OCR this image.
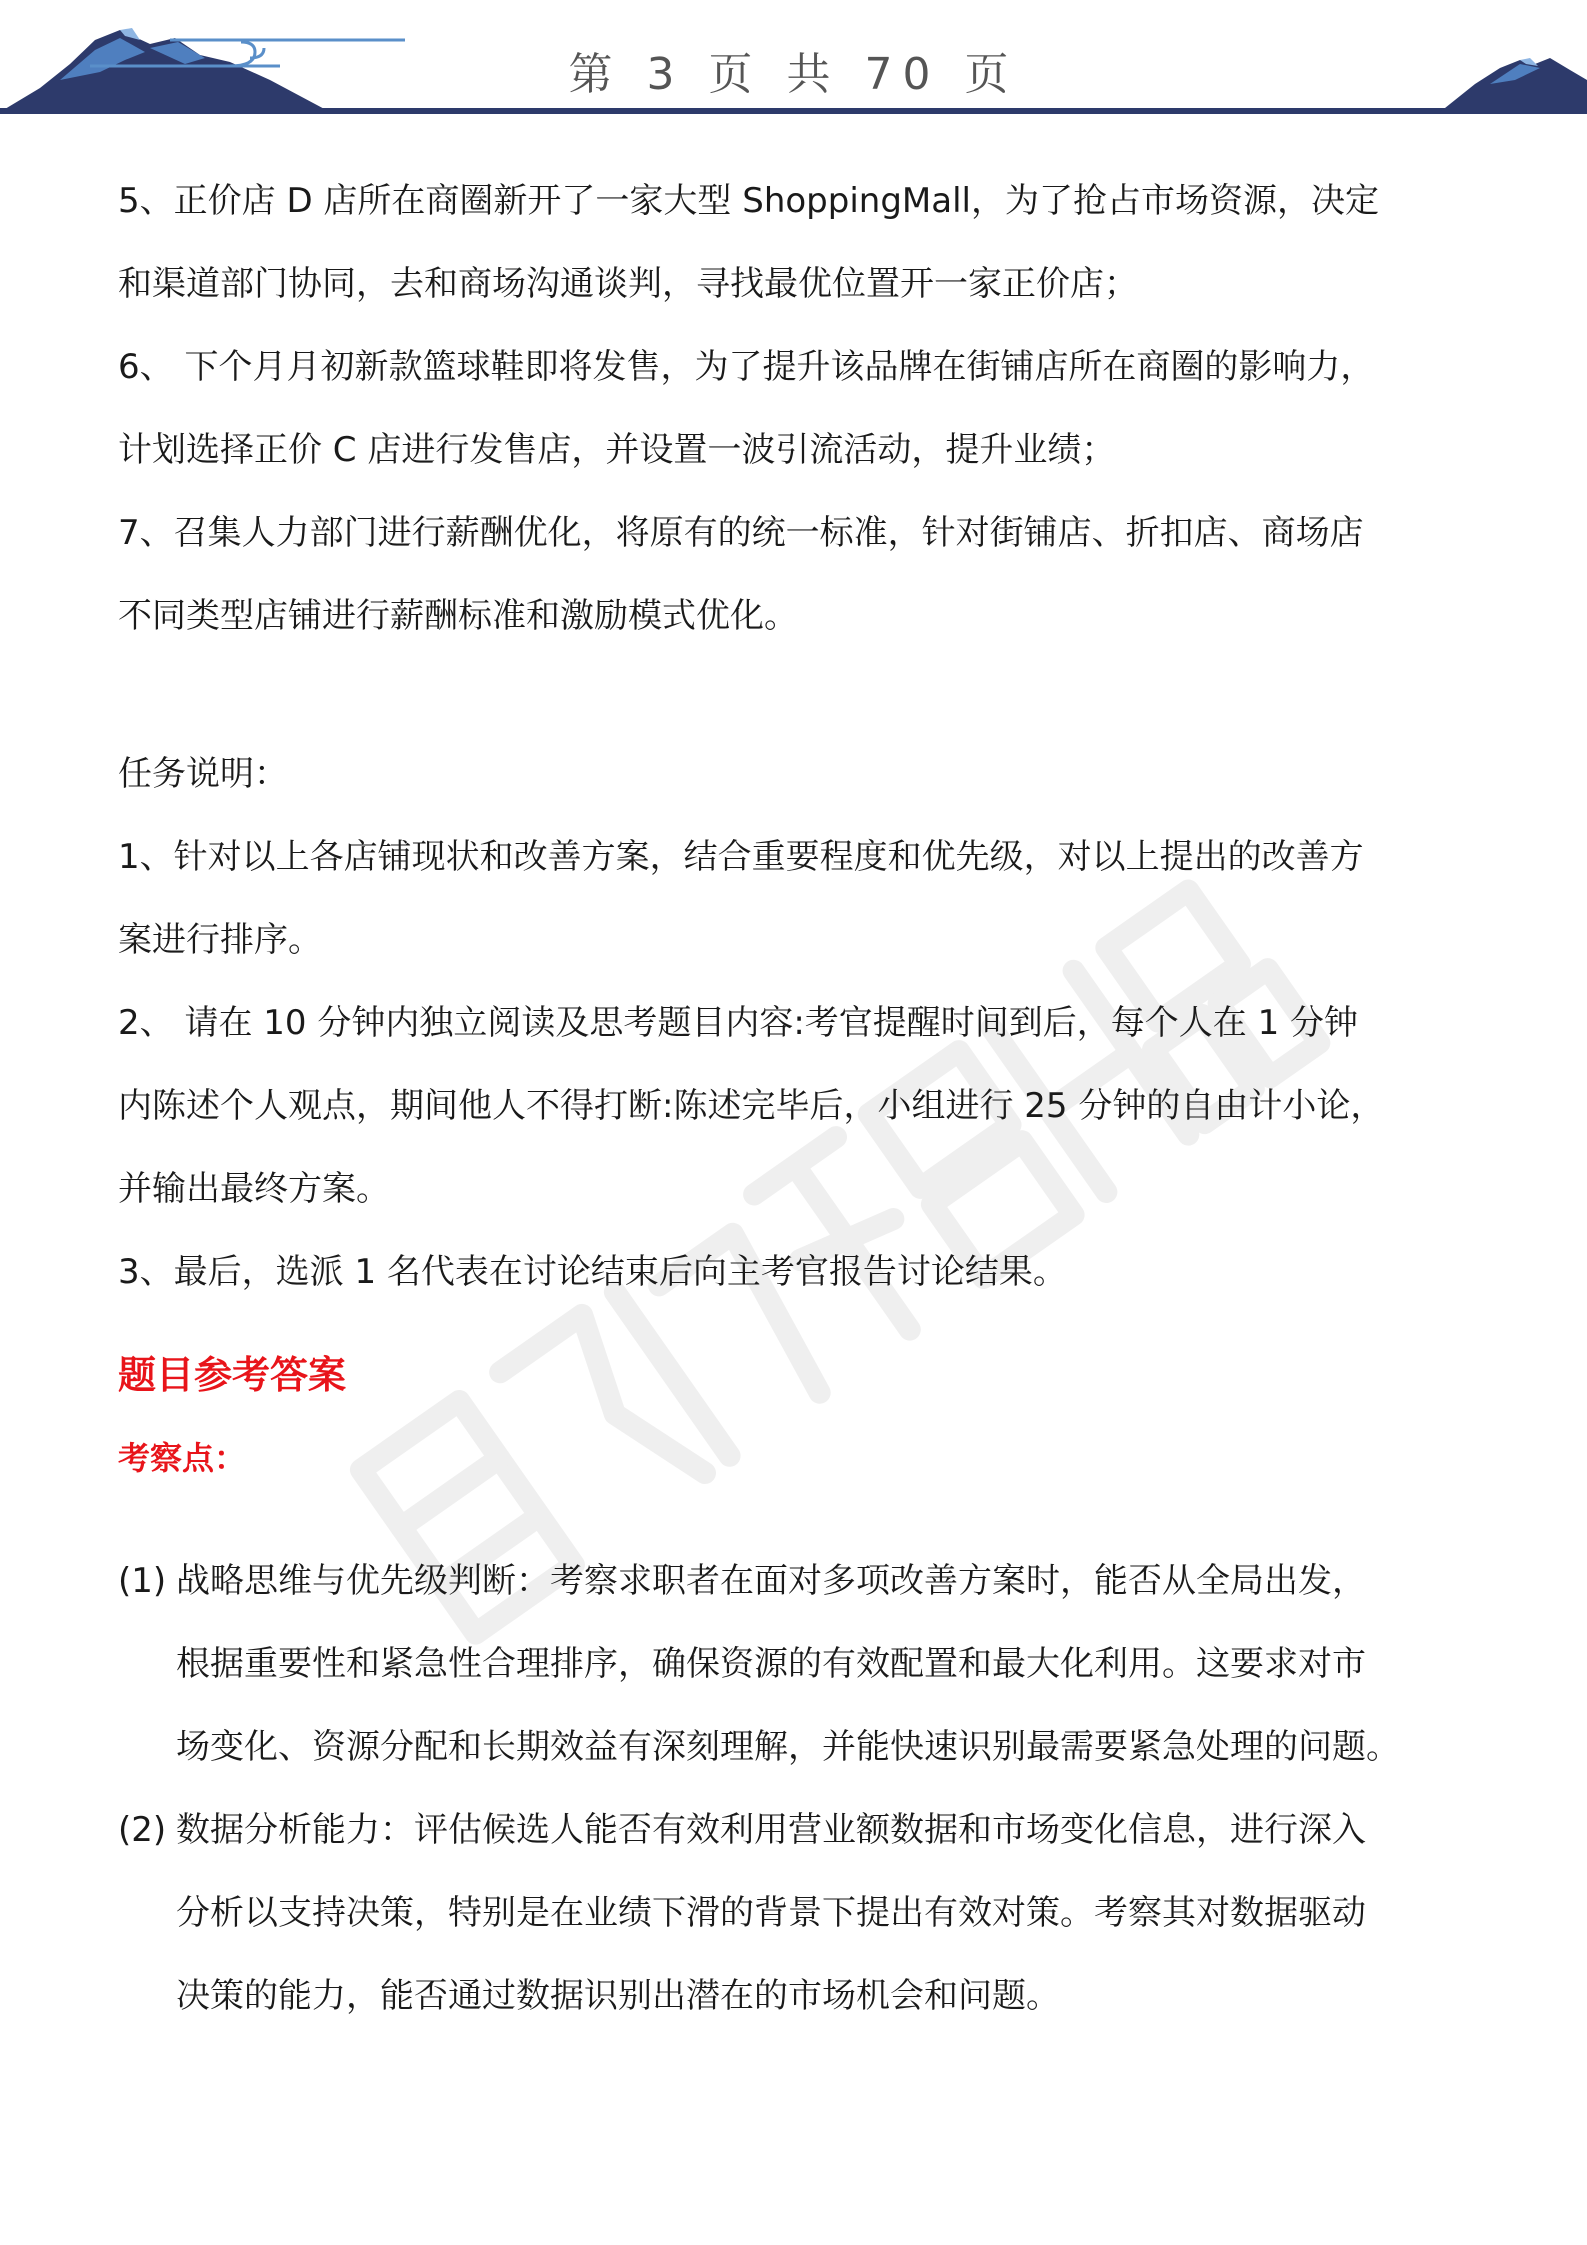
第 3 页 共 70 页
职场密码出品
5、正价店 D 店所在商圈新开了一家大型 ShoppingMall，为了抢占市场资源，决定
和渠道部门协同，去和商场沟通谈判，寻找最优位置开一家正价店；
6、 下个月月初新款篮球鞋即将发售，为了提升该品牌在街铺店所在商圈的影响力，
计划选择正价 C 店进行发售店，并设置一波引流活动，提升业绩；
7、召集人力部门进行薪酬优化，将原有的统一标准，针对街铺店、折扣店、商场店
不同类型店铺进行薪酬标准和激励模式优化。
任务说明：
1、针对以上各店铺现状和改善方案，结合重要程度和优先级，对以上提出的改善方
案进行排序。
2、 请在 10 分钟内独立阅读及思考题目内容:考官提醒时间到后，每个人在 1 分钟
内陈述个人观点，期间他人不得打断:陈述完毕后，小组进行 25 分钟的自由计小论，
并输出最终方案。
3、最后，选派 1 名代表在讨论结束后向主考官报告讨论结果。
题目参考答案
考察点：
(1) 战略思维与优先级判断：考察求职者在面对多项改善方案时，能否从全局出发，
根据重要性和紧急性合理排序，确保资源的有效配置和最大化利用。这要求对市
场变化、资源分配和长期效益有深刻理解，并能快速识别最需要紧急处理的问题。
(2) 数据分析能力：评估候选人能否有效利用营业额数据和市场变化信息，进行深入
分析以支持决策，特别是在业绩下滑的背景下提出有效对策。考察其对数据驱动
决策的能力，能否通过数据识别出潜在的市场机会和问题。
